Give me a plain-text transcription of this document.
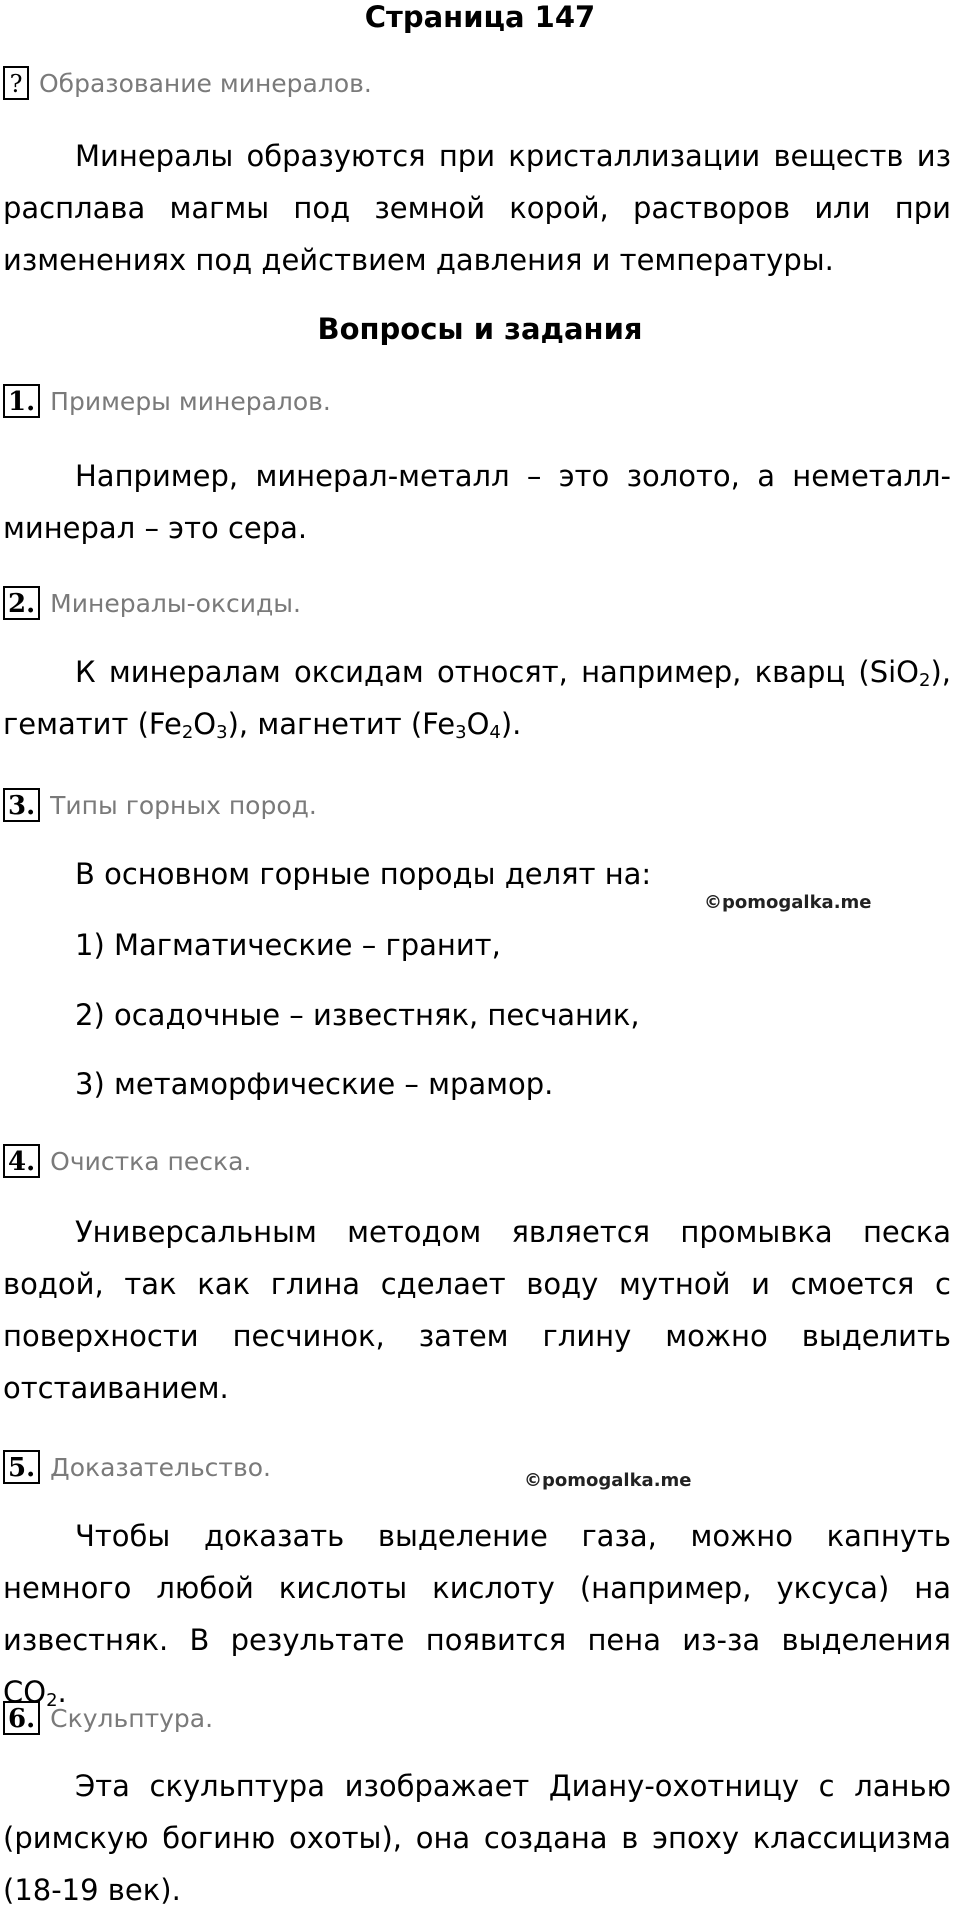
Страница 147
? Образование минералов.

Минералы образуются при кристаллизации веществ из расплава магмы под земной корой, растворов или при изменениях под действием давления и температуры.

Вопросы и задания
1. Примеры минералов.

Например, минерал-металл – это золото, а неметалл-минерал – это сера.

2. Минералы-оксиды.

К минералам оксидам относят, например, кварц (SiO$_2$), гематит $(Fe_2O_3)$, магнетит $(Fe_3O_4)$.

3. Типы горных пород.

В основном горные породы делят на:

1) Магматические – гранит,

2) осадочные – известняк, песчаник,

3) метаморфические – мрамор.

©pomogalka.me
4. Очистка песка.

Универсальным методом является промывка песка водой, так как глина сделает воду мутной и смоется с поверхности песчинок, затем глину можно выделить отстаиванием.

5. Доказательство.	©pomogalka.me

Чтобы доказать выделение газа, можно капнуть немного любой кислоты кислоту (например, уксуса) на известняк. В результате появится пена из-за выделения $CO_2$.

6. Скульптура.

Эта скульптура изображает Диану-охотницу с ланью (римскую богиню охоты), она создана в эпоху классицизма (18-19 век).
